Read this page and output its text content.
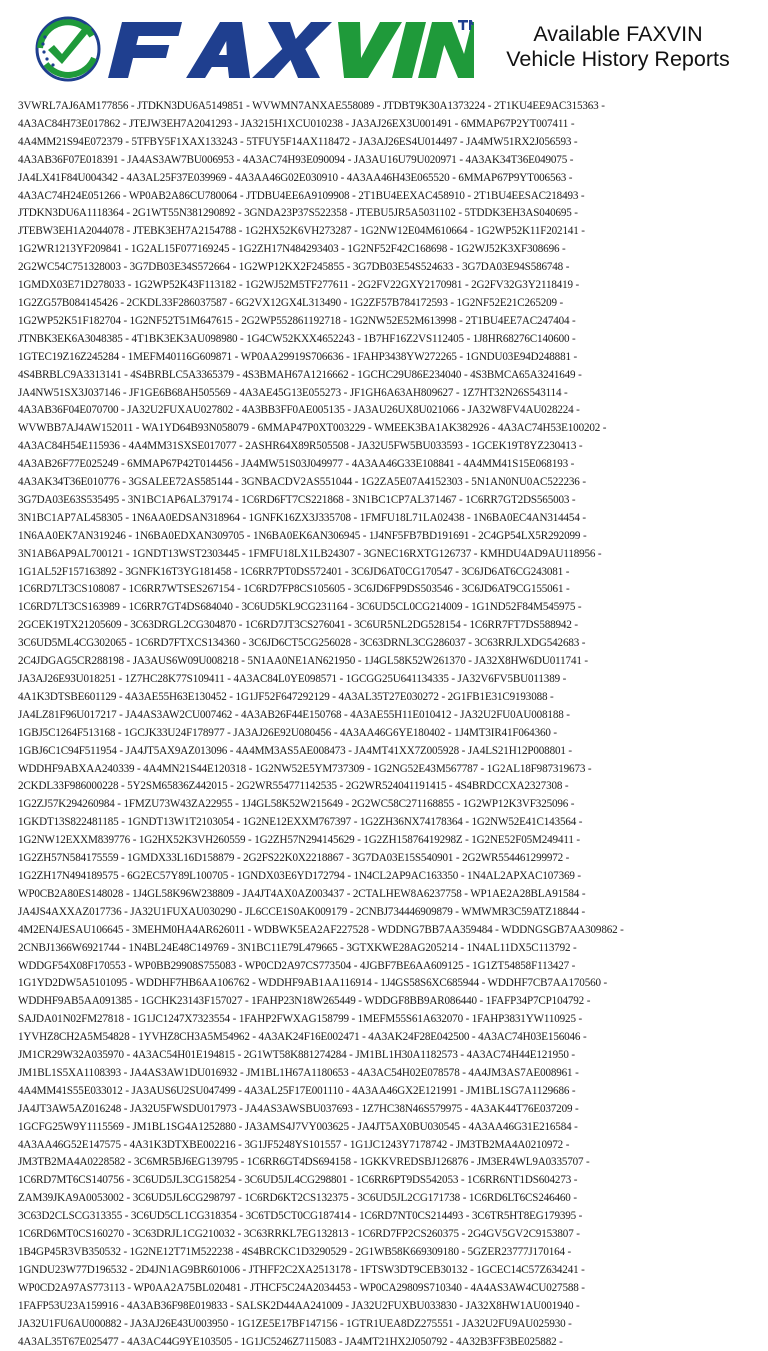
Available FAXVIN
Vehicle History Reports
3VWRL7AJ6AM177856 - JTDKN3DU6A5149851 - WVWMN7ANXAE558089 - JTDBT9K30A1373224 - 2T1KU4EE9AC315363 -
4A3AC84H73E017862 - JTEJW3EH7A2041293 - JA3215H1XCU010238 - JA3AJ26EX3U001491 - 6MMAP67P2YT007411 -
4A4MM21S94E072379 - 5TFBY5F1XAX133243 - 5TFUY5F14AX118472 - JA3AJ26ES4U014497 - JA4MW51RX2J056593 -
4A3AB36F07E018391 - JA4AS3AW7BU006953 - 4A3AC74H93E090094 - JA3AU16U79U020971 - 4A3AK34T36E049075 -
JA4LX41F84U004342 - 4A3AL25F37E039969 - 4A3AA46G02E030910 - 4A3AA46H43E065520 - 6MMAP67P9YT006563 -
4A3AC74H24E051266 - WP0AB2A86CU780064 - JTDBU4EE6A9109908 - 2T1BU4EEXAC458910 - 2T1BU4EESAC218493 -
JTDKN3DU6A1118364 - 2G1WT55N381290892 - 3GNDA23P37S522358 - JTEBU5JR5A5031102 - 5TDDK3EH3AS040695 -
JTEBW3EH1A2044078 - JTEBK3EH7A2154788 - 1G2HX52K6VH273287 - 1G2NW12E04M610664 - 1G2WP52K11F202141 -
1G2WR1213YF209841 - 1G2AL15F077169245 - 1G2ZH17N484293403 - 1G2NF52F42C168698 - 1G2WJ52K3XF308696 -
2G2WC54C751328003 - 3G7DB03E34S572664 - 1G2WP12KX2F245855 - 3G7DB03E54S524633 - 3G7DA03E94S586748 -
1GMDX03E71D278033 - 1G2WP52K43F113182 - 1G2WJ52M5TF277611 - 2G2FV22GXY2170981 - 2G2FV32G3Y2118419 -
1G2ZG57B084145426 - 2CKDL33F286037587 - 6G2VX12GX4L313490 - 1G2ZF57B784172593 - 1G2NF52E21C265209 -
1G2WP52K51F182704 - 1G2NF52T51M647615 - 2G2WP552861192718 - 1G2NW52E52M613998 - 2T1BU4EE7AC247404 -
JTNBK3EK6A3048385 - 4T1BK3EK3AU098980 - 1G4CW52KXX4652243 - 1B7HF16Z2VS112405 - 1J8HR68276C140600 -
1GTEC19Z16Z245284 - 1MEFM40116G609871 - WP0AA29919S706636 - 1FAHP3438YW272265 - 1GNDU03E94D248881 -
4S4BRBLC9A3313141 - 4S4BRBLC5A3365379 - 4S3BMAH67A1216662 - 1GCHC29U86E234040 - 4S3BMCA65A3241649 -
JA4NW51SX3J037146 - JF1GE6B68AH505569 - 4A3AE45G13E055273 - JF1GH6A63AH809627 - 1Z7HT32N26S543114 -
4A3AB36F04E070700 - JA32U2FUXAU027802 - 4A3BB3FF0AE005135 - JA3AU26UX8U021066 - JA32W8FV4AU028224 -
WVWBB7AJ4AW152011 - WA1YD64B93N058079 - 6MMAP47P0XT003229 - WMEEK3BA1AK382926 - 4A3AC74H53E100202 -
4A3AC84H54E115936 - 4A4MM31SXSE017077 - 2ASHR64X89R505508 - JA32U5FW5BU033593 - 1GCEK19T8YZ230413 -
4A3AB26F77E025249 - 6MMAP67P42T014456 - JA4MW51S03J049977 - 4A3AA46G33E108841 - 4A4MM41S15E068193 -
4A3AK34T36E010776 - 3GSALEE72AS585144 - 3GNBACDV2AS551044 - 1G2ZA5E07A4152303 - 5N1AN0NU0AC522236 -
3G7DA03E63S535495 - 3N1BC1AP6AL379174 - 1C6RD6FT7CS221868 - 3N1BC1CP7AL371467 - 1C6RR7GT2DS565003 -
3N1BC1AP7AL458305 - 1N6AA0EDSAN318964 - 1GNFK16ZX3J335708 - 1FMFU18L71LA02438 - 1N6BA0EC4AN314454 -
1N6AA0EK7AN319246 - 1N6BA0EDXAN309705 - 1N6BA0EK6AN306945 - 1J4NF5FB7BD191691 - 2C4GP54LX5R292099 -
3N1AB6AP9AL700121 - 1GNDT13WST2303445 - 1FMFU18LX1LB24307 - 3GNEC16RXTG126737 - KMHDU4AD9AU118956 -
1G1AL52F157163892 - 3GNFK16T3YG181458 - 1C6RR7PT0DS572401 - 3C6JD6AT0CG170547 - 3C6JD6AT6CG243081 -
1C6RD7LT3CS108087 - 1C6RR7WTSES267154 - 1C6RD7FP8CS105605 - 3C6JD6FP9DS503546 - 3C6JD6AT9CG155061 -
1C6RD7LT3CS163989 - 1C6RR7GT4DS684040 - 3C6UD5KL9CG231164 - 3C6UD5CL0CG214009 - 1G1ND52F84M545975 -
2GCEK19TX21205609 - 3C63DRGL2CG304870 - 1C6RD7JT3CS276041 - 3C6UR5NL2DG528154 - 1C6RR7FT7DS588942 -
3C6UD5ML4CG302065 - 1C6RD7FTXCS134360 - 3C6JD6CT5CG256028 - 3C63DRNL3CG286037 - 3C63RRJLXDG542683 -
2C4JDGAG5CR288198 - JA3AUS6W09U008218 - 5N1AA0NE1AN621950 - 1J4GL58K52W261370 - JA32X8HW6DU011741 -
JA3AJ26E93U018251 - 1Z7HC28K77S109411 - 4A3AC84L0YE098571 - 1GCGG25U641134335 - JA32V6FV5BU011389 -
4A1K3DTSBE601129 - 4A3AE55H63E130452 - 1G1JF52F647292129 - 4A3AL35T27E030272 - 2G1FB1E31C9193088 -
JA4LZ81F96U017217 - JA4AS3AW2CU007462 - 4A3AB26F44E150768 - 4A3AE55H11E010412 - JA32U2FU0AU008188 -
1GBJ5C1264F513168 - 1GCJK33U24F178977 - JA3AJ26E92U080456 - 4A3AA46G6YE180402 - 1J4MT3IR41F064360 -
1GBJ6C1C94F511954 - JA4JT5AX9AZ013096 - 4A4MM3AS5AE008473 - JA4MT41XX7Z005928 - JA4LS21H12P008801 -
WDDHF9ABXAA240339 - 4A4MN21S44E120318 - 1G2NW52E5YM737309 - 1G2NG52E43M567787 - 1G2AL18F987319673 -
2CKDL33F986000228 - 5Y2SM65836Z442015 - 2G2WR554771142535 - 2G2WR524041191415 - 4S4BRDCCXA2327308 -
1G2ZJ57K294260984 - 1FMZU73W43ZA22955 - 1J4GL58K52W215649 - 2G2WC58C271168855 - 1G2WP12K3VF325096 -
1GKDT13S822481185 - 1GNDT13W1T2103054 - 1G2NE12EXXM767397 - 1G2ZH36NX74178364 - 1G2NW52E41C143564 -
1G2NW12EXXM839776 - 1G2HX52K3VH260559 - 1G2ZH57N294145629 - 1G2ZH15876419298Z - 1G2NE52F05M249411 -
1G2ZH57N584175559 - 1GMDX33L16D158879 - 2G2FS22K0X2218867 - 3G7DA03E15S540901 - 2G2WR554461299972 -
1G2ZH17N494189575 - 6G2EC57Y89L100705 - 1GNDX03E6YD172794 - 1N4CL2AP9AC163350 - 1N4AL2APXAC107369 -
WP0CB2A80ES148028 - 1J4GL58K96W238809 - JA4JT4AX0AZ003437 - 2CTALHEW8A6237758 - WP1AE2A28BLA91584 -
JA4JS4AXXAZ017736 - JA32U1FUXAU030290 - JL6CCE1S0AK009179 - 2CNBJ734446909879 - WMWMR3C59ATZ18844 -
4M2EN4JESAU106645 - 3MEHM0HA4AR626011 - WDBWK5EA2AF227528 - WDDNG7BB7AA359484 - WDDNGSGB7AA309862 -
2CNBJ1366W6921744 - 1N4BL24E48C149769 - 3N1BC11E79L479665 - 3GTXKWE28AG205214 - 1N4AL11DX5C113792 -
WDDGF54X08F170553 - WP0BB29908S755083 - WP0CD2A97CS773504 - 4JGBF7BE6AA609125 - 1G1ZT54858F113427 -
1G1YD2DW5A5101095 - WDDHF7HB6AA106762 - WDDHF9AB1AA116914 - 1J4GS58S6XC685944 - WDDHF7CB7AA170560 -
WDDHF9AB5AA091385 - 1GCHK23143F157027 - 1FAHP23N18W265449 - WDDGF8BB9AR086440 - 1FAFP34P7CP104792 -
SAJDA01N02FM27818 - 1G1JC1247X7323554 - 1FAHP2FWXAG158799 - 1MEFM55S61A632070 - 1FAHP3831YW110925 -
1YVHZ8CH2A5M54828 - 1YVHZ8CH3A5M54962 - 4A3AK24F16E002471 - 4A3AK24F28E042500 - 4A3AC74H03E156046 -
JM1CR29W32A035970 - 4A3AC54H01E194815 - 2G1WT58K881274284 - JM1BL1H30A1182573 - 4A3AC74H44E121950 -
JM1BL1S5XA1108393 - JA4AS3AW1DU016932 - JM1BL1H67A1180653 - 4A3AC54H02E078578 - 4A4JM3AS7AE008961 -
4A4MM41S55E033012 - JA3AUS6U2SU047499 - 4A3AL25F17E001110 - 4A3AA46GX2E121991 - JM1BL1SG7A1129686 -
JA4JT3AW5AZ016248 - JA32U5FWSDU017973 - JA4AS3AWSBU037693 - 1Z7HC38N46S579975 - 4A3AK44T76E037209 -
1GCFG25W9Y1115569 - JM1BL1SG4A1252880 - JA3AMS4J7VY003625 - JA4JT5AX0BU030545 - 4A3AA46G31E216584 -
4A3AA46G52E147575 - 4A31K3DTXBE002216 - 3G1JF5248YS101557 - 1G1JC1243Y7178742 - JM3TB2MA4A0210972 -
JM3TB2MA4A0228582 - 3C6MR5BJ6EG139795 - 1C6RR6GT4DS694158 - 1GKKVREDSBJ126876 - JM3ER4WL9A0335707 -
1C6RD7MT6CS140756 - 3C6UD5JL3CG158254 - 3C6UD5JL4CG298801 - 1C6RR6PT9DS542053 - 1C6RR6NT1DS604273 -
ZAM39JKA9A0053002 - 3C6UD5JL6CG298797 - 1C6RD6KT2CS132375 - 3C6UD5JL2CG171738 - 1C6RD6LT6CS246460 -
3C63D2CLSCG313355 - 3C6UD5CL1CG318354 - 3C6TD5CT0CG187414 - 1C6RD7NT0CS214493 - 3C6TR5HT8EG179395 -
1C6RD6MT0CS160270 - 3C63DRJL1CG210032 - 3C63RRKL7EG132813 - 1C6RD7FP2CS260375 - 2G4GV5GV2C9153807 -
1B4GP45R3VB350532 - 1G2NE12T71M522238 - 4S4BRCKC1D3290529 - 2G1WB58K669309180 - 5GZER23777J170164 -
1GNDU23W77D196532 - 2D4JN1AG9BR601006 - JTHFF2C2XA2513178 - 1FTSW3DT9CEB30132 - 1GCEC14C57Z634241 -
WP0CD2A97AS773113 - WP0AA2A75BL020481 - JTHCF5C24A2034453 - WP0CA29809S710340 - 4A4AS3AW4CU027588 -
1FAFP53U23A159916 - 4A3AB36F98E019833 - SALSK2D44AA241009 - JA32U2FUXBU033830 - JA32X8HW1AU001940 -
JA32U1FU6AU000882 - JA3AJ26E43U003950 - 1G1ZE5E17BF147156 - 1GTR1UEA8DZ275551 - JA32U2FU9AU025930 -
4A3AL35T67E025477 - 4A3AC44G9YE103505 - 1G1JC5246Z7115083 - JA4MT21HX2J050792 - 4A32B3FF3BE025882 -
